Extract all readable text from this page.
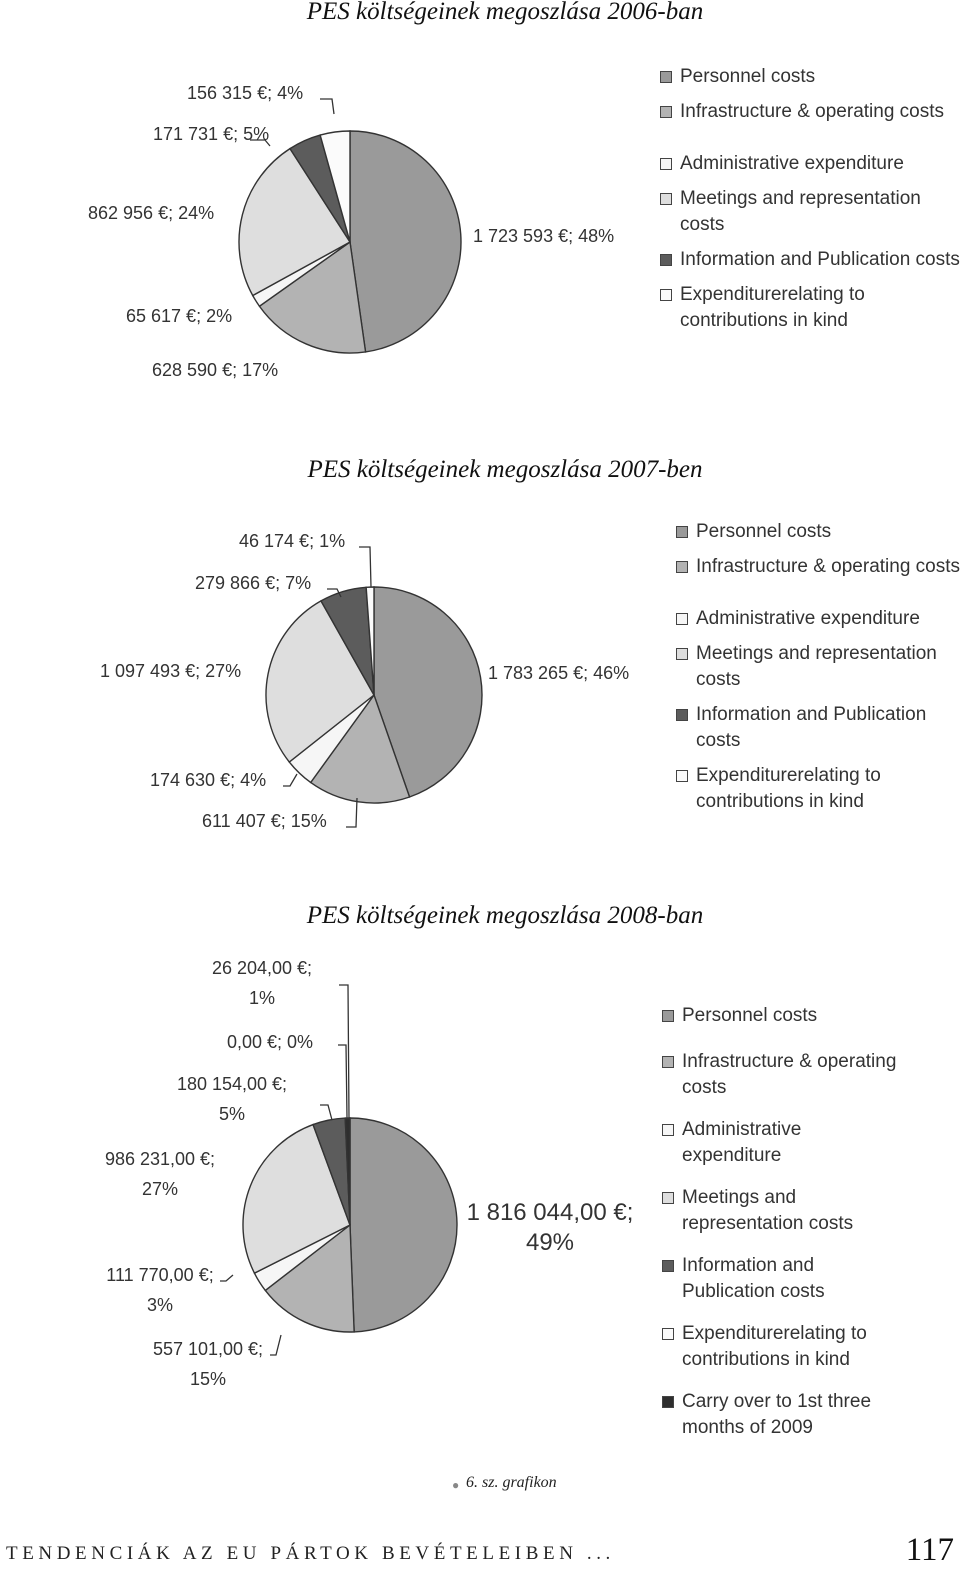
PES költségeinek megoszlása 2006-ban
PES költségeinek megoszlása 2007-ben
PES költségeinek megoszlása 2008-ban
1 723 593 €; 48%
628 590 €; 17%
65 617 €; 2%
862 956 €; 24%
171 731 €; 5%
156 315 €; 4%
1 783 265 €; 46%
611 407 €; 15%
174 630 €; 4%
1 097 493 €; 27%
279 866 €; 7%
46 174 €; 1%
1 816 044,00 €; 49%
557 101,00 €; 15%
111 770,00 €; 3%
986 231,00 €; 27%
180 154,00 €; 5%
0,00 €; 0%
26 204,00 €; 1%
Personnel costs
Infrastructure & operating costs
Administrative expenditure
Meetings and representation costs
Information and Publication costs
Expenditurerelating to contributions in kind
Personnel costs
Infrastructure & operating costs
Administrative expenditure
Meetings and representation costs
Information and Publication costs
Expenditurerelating to contributions in kind
Personnel costs
Infrastructure & operating costs
Administrative expenditure
Meetings and representation costs
Information and Publication costs
Expenditurerelating to contributions in kind
Carry over to 1st three months of 2009
● 6. sz. grafikon
TENDENCIÁK AZ EU PÁRTOK BEVÉTELEIBEN ...	117
